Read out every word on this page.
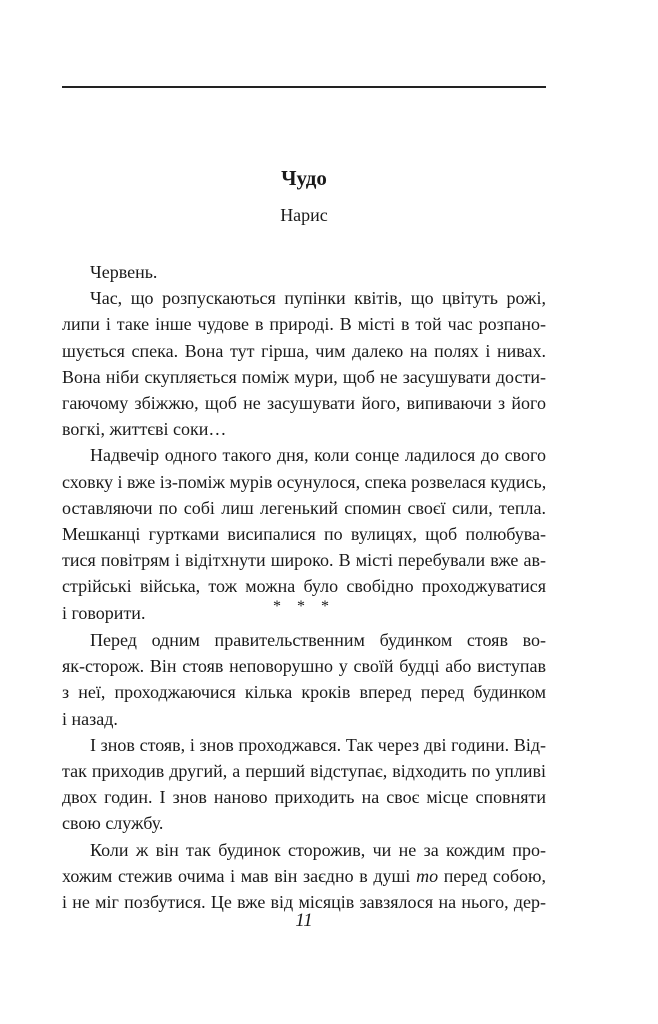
Чудо
Нарис
Червень.
Час, що розпускаються пупінки квітів, що цвітуть рожі,
липи і таке інше чудове в природі. В місті в той час розпано-
шується спека. Вона тут гірша, чим далеко на полях і нивах.
Вона ніби скупляється поміж мури, щоб не засушувати дости-
гаючому збіжжю, щоб не засушувати його, випиваючи з його
вогкі, життєві соки…
Надвечір одного такого дня, коли сонце ладилося до свого
сховку і вже із-поміж мурів осунулося, спека розвелася кудись,
оставляючи по собі лиш легенький спомин своєї сили, тепла.
Мешканці гуртками висипалися по вулицях, щоб полюбува-
тися повітрям і відітхнути широко. В місті перебували вже ав-
стрійські війська, тож можна було свобідно проходжуватися
і говорити.	* * *
Перед одним правительственним будинком стояв во-
як-сторож. Він стояв неповорушно у своїй будці або виступав
з неї, проходжаючися кілька кроків вперед перед будинком
і назад.
І знов стояв, і знов проходжався. Так через дві години. Від-
так приходив другий, а перший відступає, відходить по упливі
двох годин. І знов наново приходить на своє місце сповняти
свою службу.
Коли ж він так будинок сторожив, чи не за кождим про-
хожим стежив очима і мав він заєдно в душі то перед собою,
і не міг позбутися. Це вже від місяців завзялося на нього, дер-
11
